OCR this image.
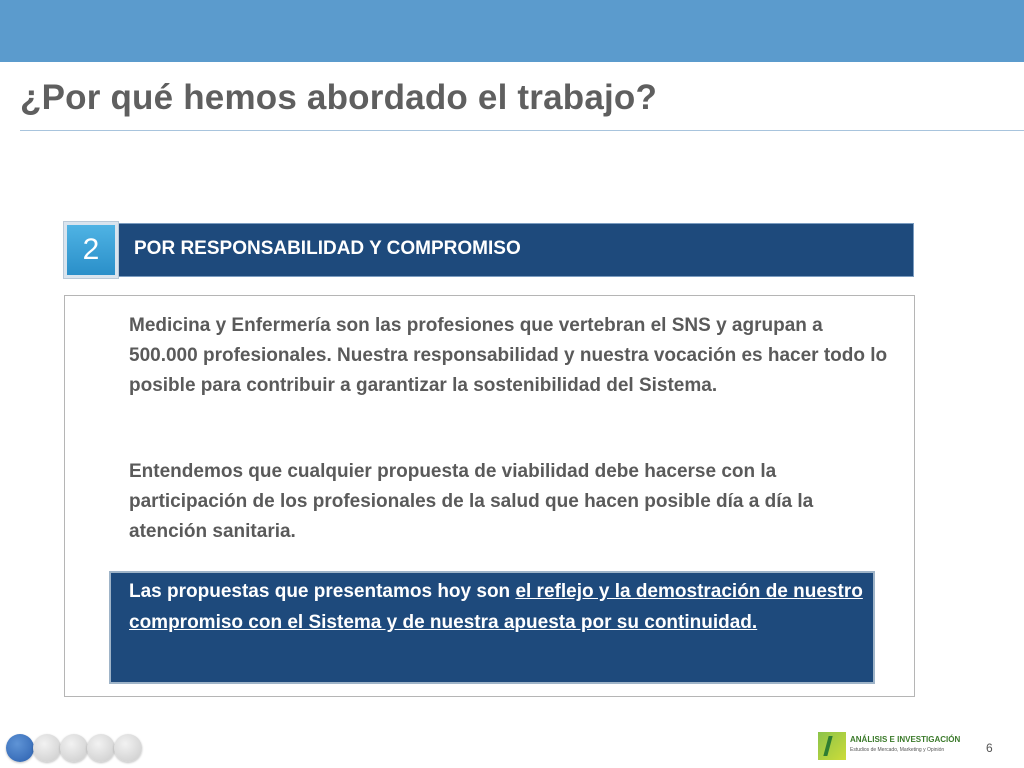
¿Por qué hemos abordado el trabajo?
2	POR RESPONSABILIDAD Y COMPROMISO
Medicina y Enfermería son las profesiones que vertebran el SNS y agrupan a 500.000 profesionales. Nuestra responsabilidad y nuestra vocación es hacer todo lo posible para contribuir a garantizar la sostenibilidad del Sistema.
Entendemos que cualquier propuesta de viabilidad debe hacerse con la participación de los profesionales de la salud que hacen posible día a día la atención sanitaria.
Las propuestas que presentamos hoy son el reflejo y la demostración de nuestro compromiso con el Sistema y de nuestra apuesta por su continuidad.
ANÁLISIS E INVESTIGACIÓN
Estudios de Mercado, Marketing y Opinión	6
